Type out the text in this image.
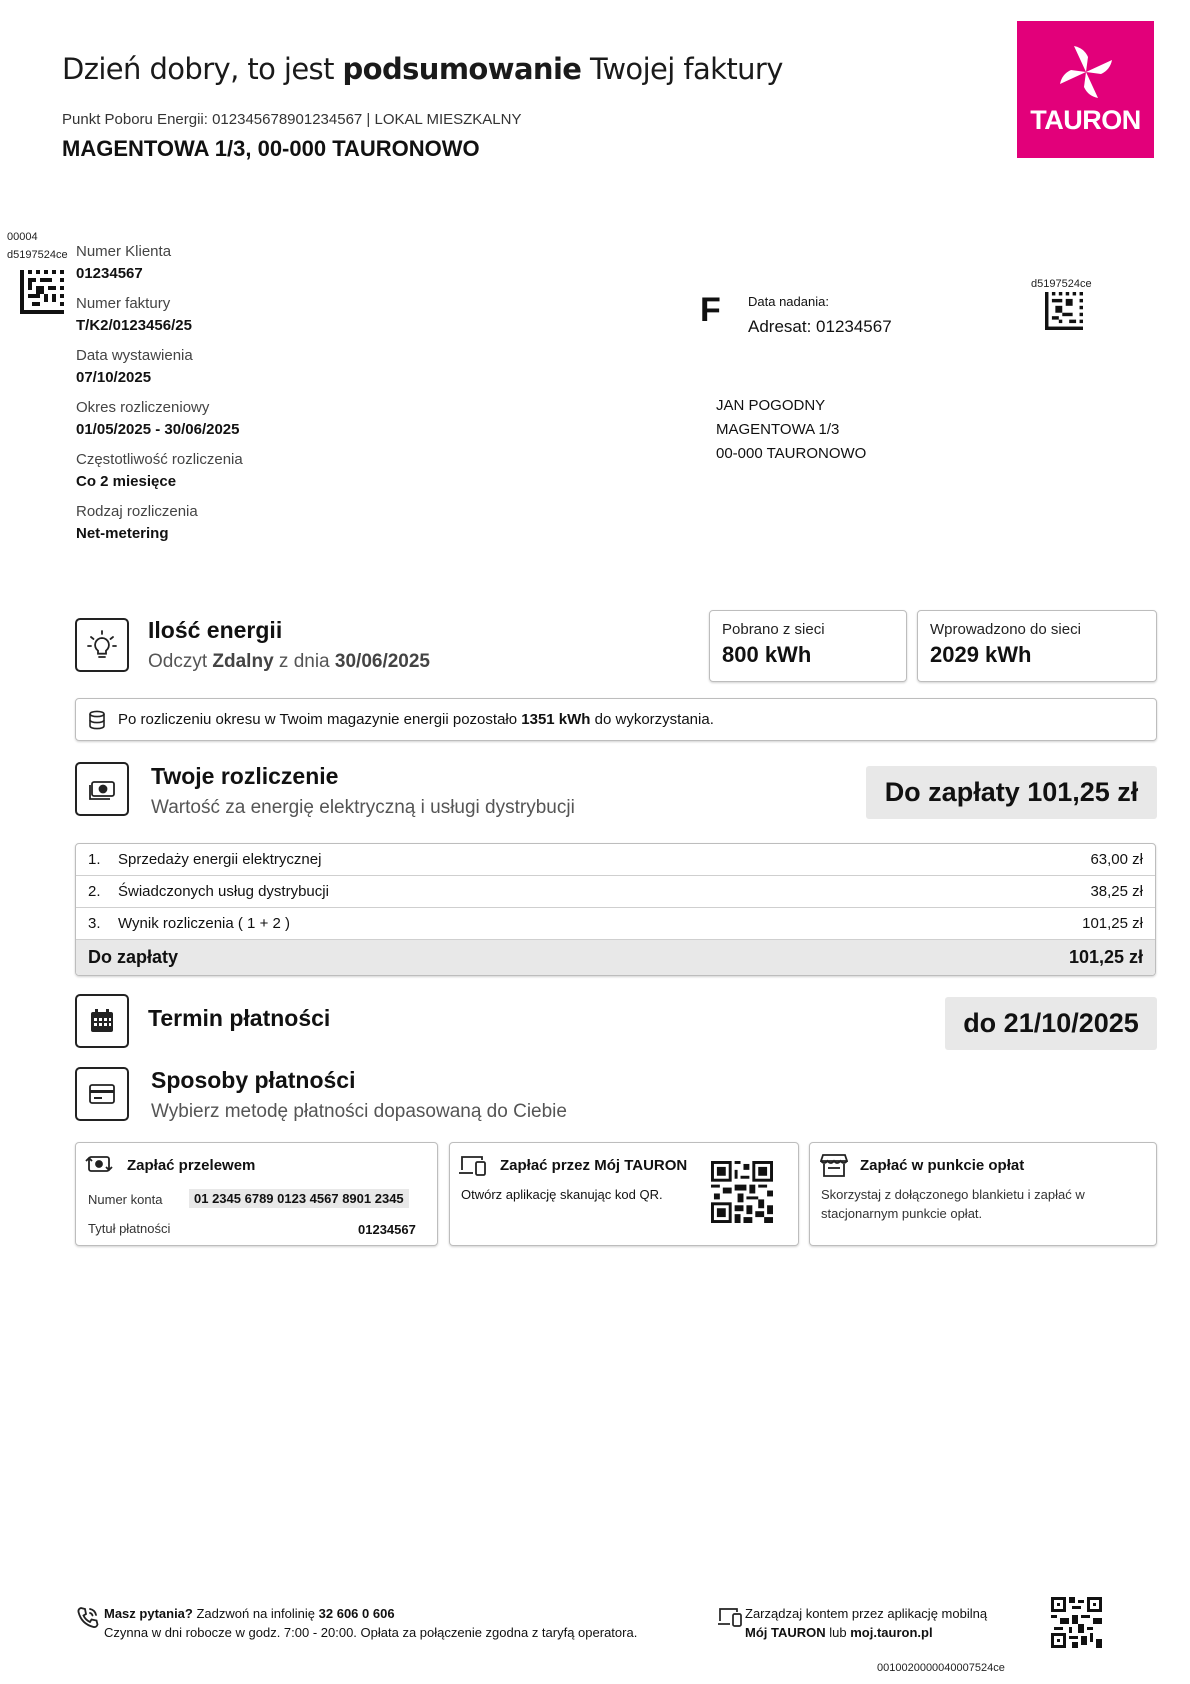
Dzień dobry, to jest podsumowanie Twojej faktury
Punkt Poboru Energii: 012345678901234567 | LOKAL MIESZKALNY
MAGENTOWA 1/3, 00-000 TAURONOWO
TAURON
00004
d5197524ce Numer Klienta
01234567
Numer faktury
T/K2/0123456/25
Data wystawienia
07/10/2025
Okres rozliczeniowy
01/05/2025 - 30/06/2025
Częstotliwość rozliczenia
Co 2 miesięce
Rodzaj rozliczenia
Net-metering
F Data nadania:
Adresat: 01234567
d5197524ce
JAN POGODNY
MAGENTOWA 1/3
00-000 TAURONOWO
Ilość energii
Odczyt Zdalny z dnia 30/06/2025
Pobrano z sieci
800 kWh
Wprowadzono do sieci
2029 kWh
Po rozliczeniu okresu w Twoim magazynie energii pozostało
1351 kWh
do wykorzystania.
Twoje rozliczenie
Wartość za energię elektryczną i usługi dystrybucji
Do zapłaty 101,25 zł
1.	Sprzedaży energii elektrycznej	63,00 zł
2.	Świadczonych usług dystrybucji	38,25 zł
3.	Wynik rozliczenia ( 1 + 2 )	101,25 zł
Do zapłaty	101,25 zł
Termin płatności	do 21/10/2025
Sposoby płatności
Wybierz metodę płatności dopasowaną do Ciebie
Zapłać przelewem
Numer konta	01 2345 6789 0123 4567 8901 2345
Tytuł płatności	01234567
Zapłać przez Mój TAURON
Otwórz aplikację skanując kod QR.
Zapłać w punkcie opłat
Skorzystaj z dołączonego blankietu i zapłać w stacjonarnym punkcie opłat.
Masz pytania? Zadzwoń na infolinię 32 606 0 606
Czynna w dni robocze w godz. 7:00 - 20:00. Opłata za połączenie zgodna z taryfą operatora.
Zarządzaj kontem przez aplikację mobilną
Mój TAURON lub moj.tauron.pl
0010020000040007524ce
